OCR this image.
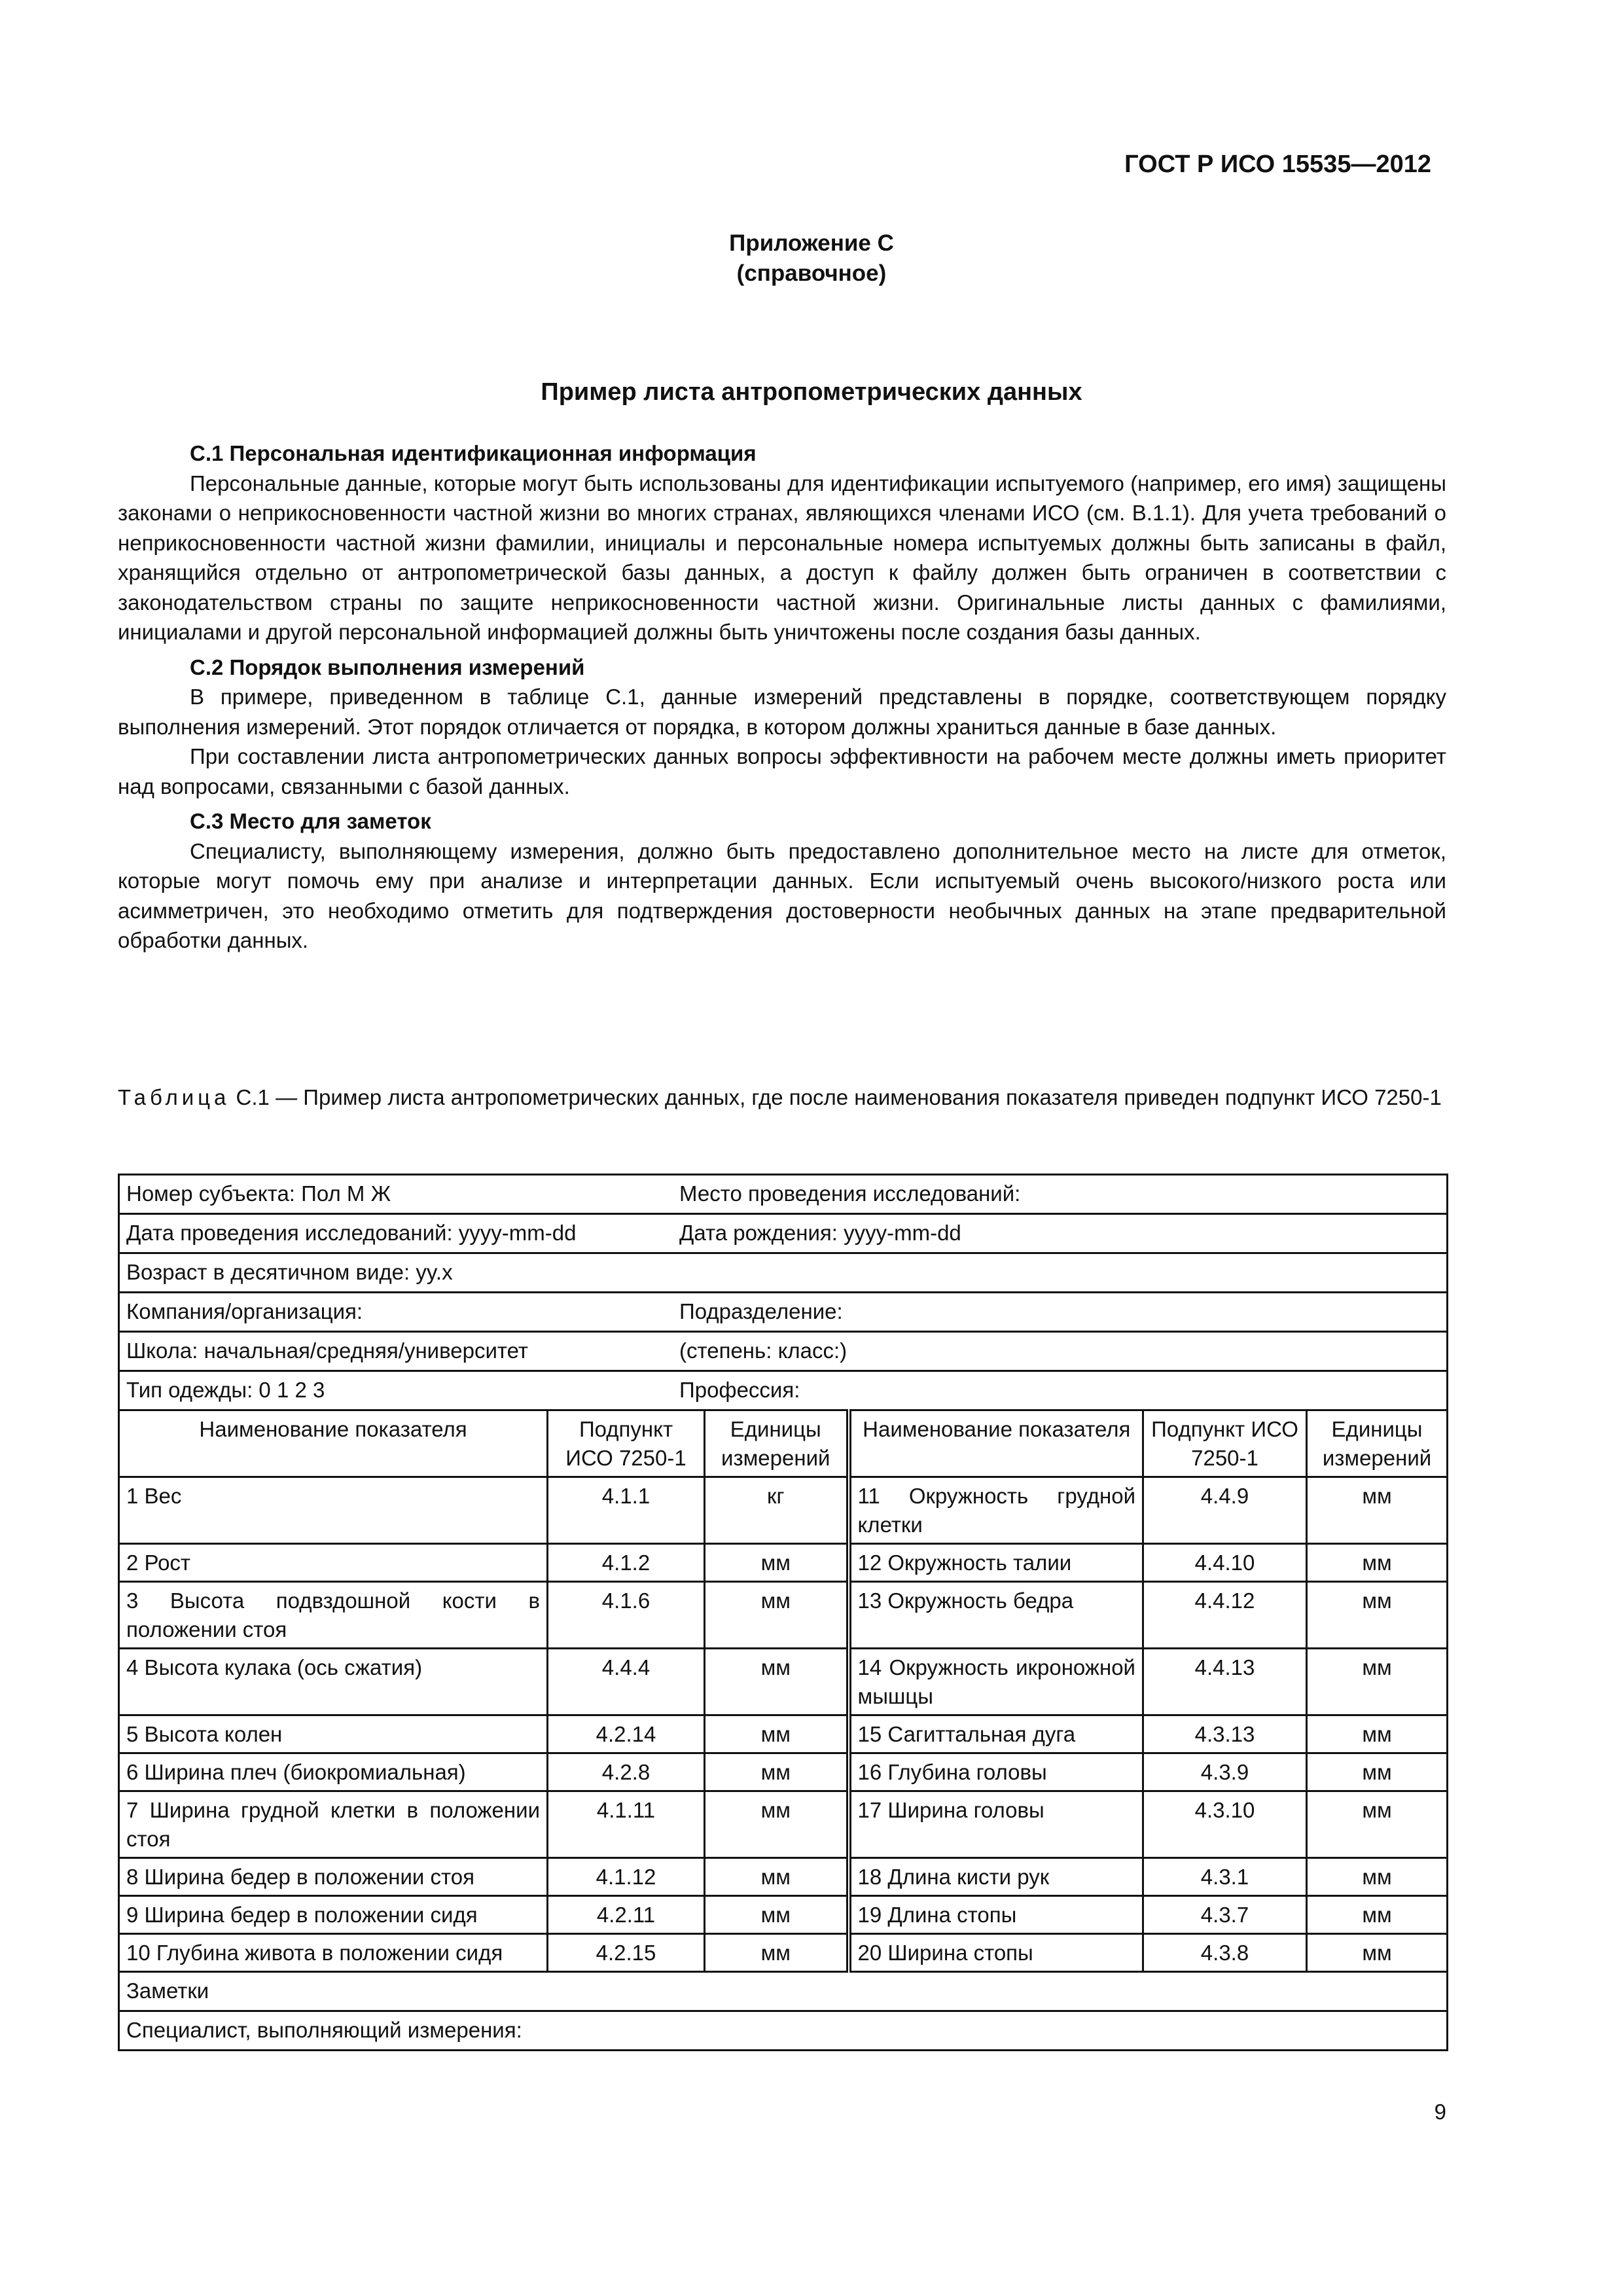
ГОСТ Р ИСО 15535—2012
Приложение С
(справочное)
Пример листа антропометрических данных
С.1 Персональная идентификационная информация

Персональные данные, которые могут быть использованы для идентификации испытуемого (например, его имя) защищены законами о неприкосновенности частной жизни во многих странах, являющихся членами ИСО (см. В.1.1). Для учета требований о неприкосновенности частной жизни фамилии, инициалы и персональные номера испытуемых должны быть записаны в файл, хранящийся отдельно от антропометрической базы данных, а доступ к файлу должен быть ограничен в соответствии с законодательством страны по защите неприкосновенности частной жизни. Оригинальные листы данных с фамилиями, инициалами и другой персональной информацией должны быть уничтожены после создания базы данных.

С.2 Порядок выполнения измерений

В примере, приведенном в таблице С.1, данные измерений представлены в порядке, соответствующем порядку выполнения измерений. Этот порядок отличается от порядка, в котором должны храниться данные в базе данных.

При составлении листа антропометрических данных вопросы эффективности на рабочем месте должны иметь приоритет над вопросами, связанными с базой данных.

С.3 Место для заметок

Специалисту, выполняющему измерения, должно быть предоставлено дополнительное место на листе для отметок, которые могут помочь ему при анализе и интерпретации данных. Если испытуемый очень высокого/низкого роста или асимметричен, это необходимо отметить для подтверждения достоверности необычных данных на этапе предварительной обработки данных.

Таблица С.1 — Пример листа антропометрических данных, где после наименования показателя приведен подпункт ИСО 7250-1
Номер субъекта: Пол М Ж Место проведения исследований:					

Дата проведения исследований: yyyy-mm-dd Дата рождения: yyyy-mm-dd					

Возраст в десятичном виде: yy.x					

Компания/организация: Подразделение:					

Школа: начальная/средняя/университет (степень: класс:)					

Тип одежды: 0 1 2 3 Профессия:					

Наименование показателя	Подпункт ИСО 7250-1	Единицы измерений	Наименование показателя	Подпункт ИСО 7250-1	Единицы измерений
1 Вес	4.1.1	кг	11 Окружность грудной клетки	4.4.9	мм
2 Рост	4.1.2	мм	12 Окружность талии	4.4.10	мм
3 Высота подвздошной кости в положении стоя	4.1.6	мм	13 Окружность бедра	4.4.12	мм
4 Высота кулака (ось сжатия)	4.4.4	мм	14 Окружность икроножной мышцы	4.4.13	мм
5 Высота колен	4.2.14	мм	15 Сагиттальная дуга	4.3.13	мм
6 Ширина плеч (биокромиальная)	4.2.8	мм	16 Глубина головы	4.3.9	мм
7 Ширина грудной клетки в положении стоя	4.1.11	мм	17 Ширина головы	4.3.10	мм
8 Ширина бедер в положении стоя	4.1.12	мм	18 Длина кисти рук	4.3.1	мм
9 Ширина бедер в положении сидя	4.2.11	мм	19 Длина стопы	4.3.7	мм
10 Глубина живота в положении сидя	4.2.15	мм	20 Ширина стопы	4.3.8	мм
Заметки					
Специалист, выполняющий измерения:					
9
